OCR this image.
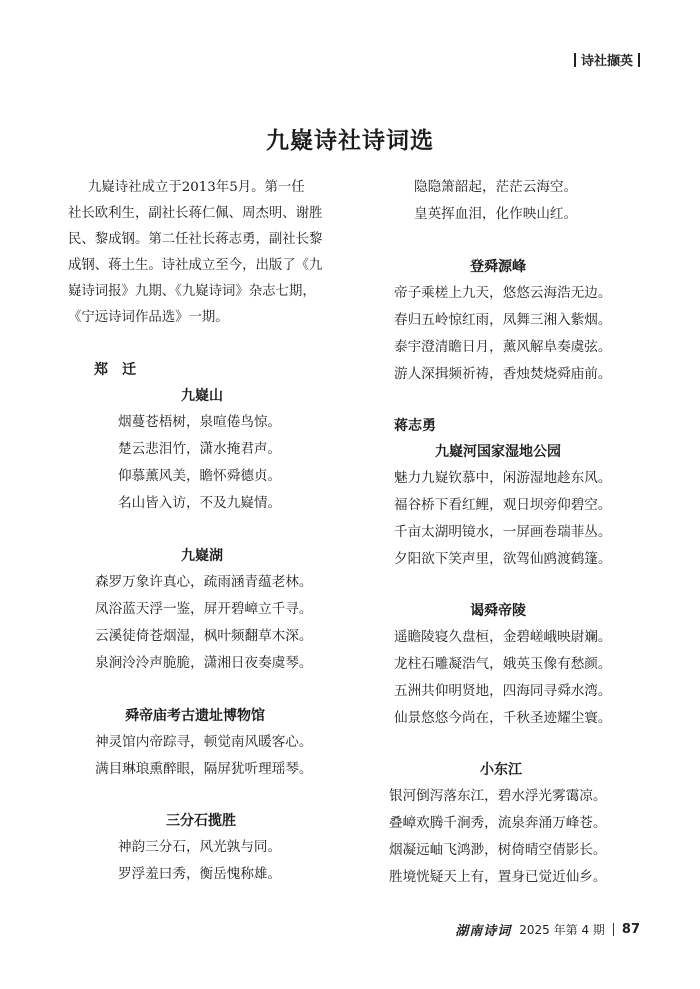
诗社撷英
九嶷诗社诗词选
九嶷诗社成立于2013年5月。第一任
社长欧利生，副社长蒋仁佩、周杰明、谢胜
民、黎成钢。第二任社长蒋志勇，副社长黎
成钢、蒋土生。诗社成立至今，出版了《九
嶷诗词报》九期、《九嶷诗词》杂志七期，
《宁远诗词作品选》一期。
郑　迁
九嶷山
烟蔓苍梧树，泉喧倦鸟惊。
楚云悲泪竹，潇水掩君声。
仰慕薰风美，瞻怀舜德贞。
名山皆入访，不及九嶷情。
九嶷湖
森罗万象许真心，疏雨涵青蕴老林。
凤浴蓝天浮一鉴，屏开碧嶂立千寻。
云溪徒倚苍烟湿，枫叶频翻草木深。
泉涧泠泠声脆脆，潇湘日夜奏虞琴。
舜帝庙考古遗址博物馆
神灵馆内帝踪寻，顿觉南风暖客心。
满目琳琅熏醉眼，隔屏犹听理瑶琴。
三分石揽胜
神韵三分石，风光孰与同。
罗浮羞曰秀，衡岳愧称雄。
隐隐箫韶起，茫茫云海空。
皇英挥血泪，化作映山红。
登舜源峰
帝子乘槎上九天，悠悠云海浩无边。
春归五岭惊红雨，凤舞三湘入紫烟。
泰宇澄清瞻日月，薰风解阜奏虞弦。
游人深揖频祈祷，香烛焚烧舜庙前。
蒋志勇
九嶷河国家湿地公园
魅力九嶷钦慕中，闲游湿地趁东风。
福谷桥下看红鲤，观日坝旁仰碧空。
千亩太湖明镜水，一屏画卷瑞菲丛。
夕阳欲下笑声里，欲驾仙鸥渡鹤篷。
谒舜帝陵
遥瞻陵寝久盘桓，金碧嵯峨映尉斓。
龙柱石雕凝浩气，娥英玉像有愁颜。
五洲共仰明贤地，四海同寻舜水湾。
仙景悠悠今尚在，千秋圣迹耀尘寰。
小东江
银河倒泻落东江，碧水浮光雾霭凉。
叠嶂欢腾千涧秀，流泉奔涌万峰苍。
烟凝远岫飞鸿渺，树倚晴空倩影长。
胜境恍疑天上有，置身已觉近仙乡。
湖南诗词 2025 年第 4 期 87
